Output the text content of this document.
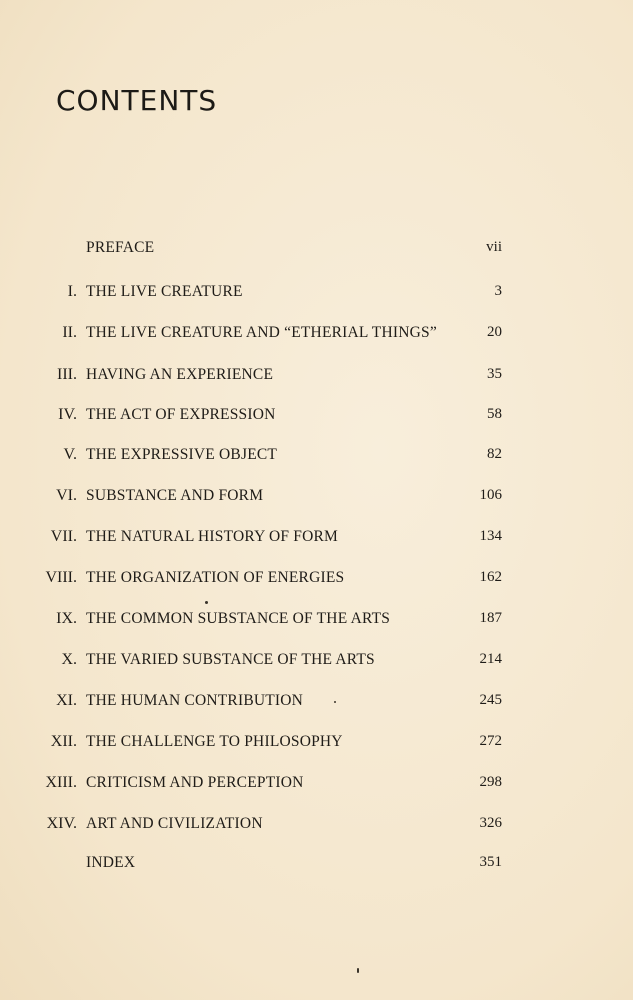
CONTENTS
PREFACE	vii
I. THE LIVE CREATURE	3
II. THE LIVE CREATURE AND “ETHERIAL THINGS”	20
III. HAVING AN EXPERIENCE	35
IV. THE ACT OF EXPRESSION	58
V. THE EXPRESSIVE OBJECT	82
VI. SUBSTANCE AND FORM	106
VII. THE NATURAL HISTORY OF FORM	134
VIII. THE ORGANIZATION OF ENERGIES	162
IX. THE COMMON SUBSTANCE OF THE ARTS	187
X. THE VARIED SUBSTANCE OF THE ARTS	214
XI. THE HUMAN CONTRIBUTION	245
XII. THE CHALLENGE TO PHILOSOPHY	272
XIII. CRITICISM AND PERCEPTION	298
XIV. ART AND CIVILIZATION	326
INDEX	351
